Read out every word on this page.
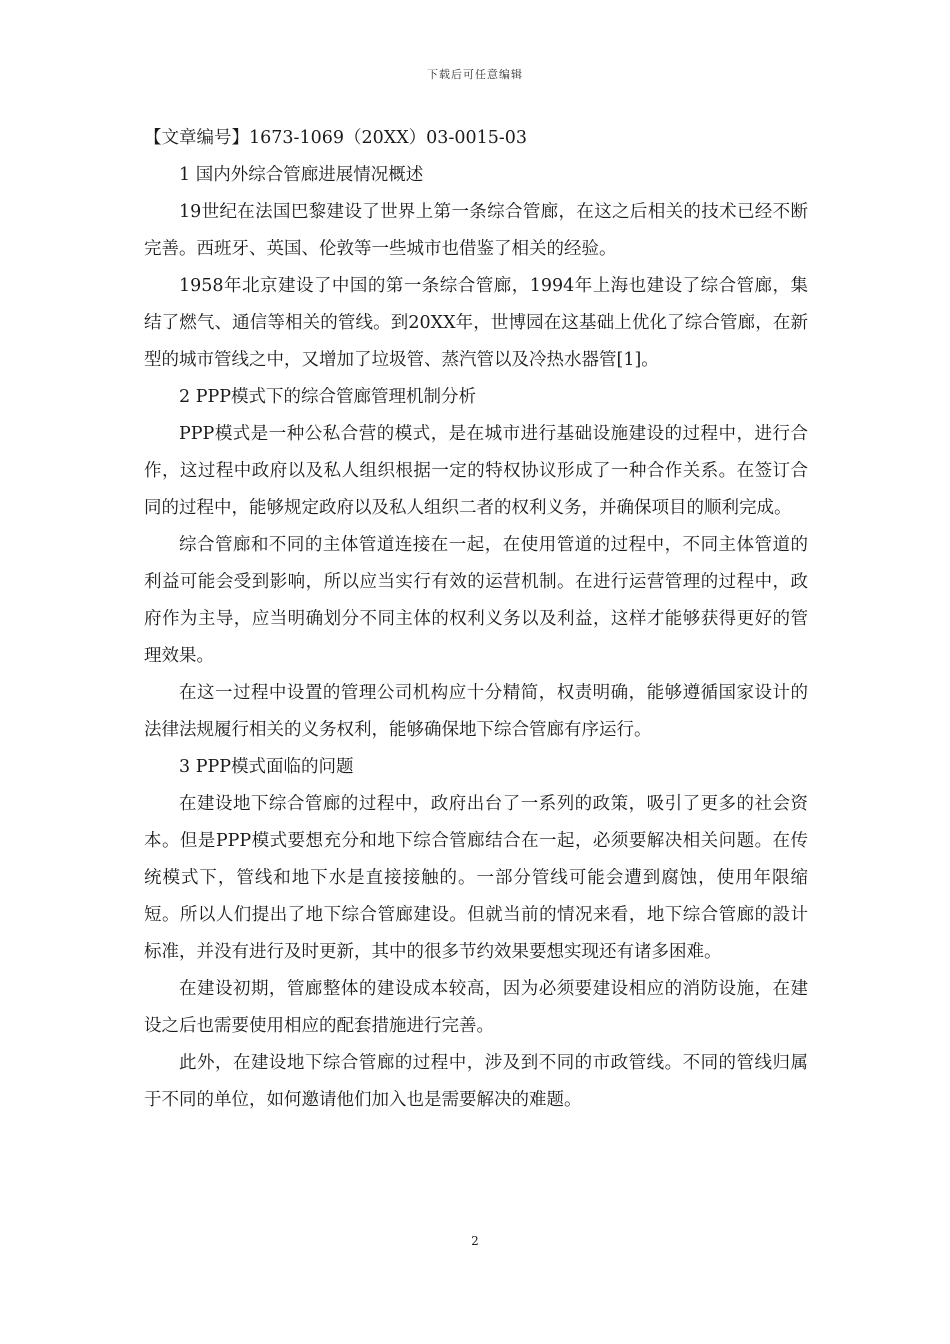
下载后可任意编辑

【文章编号】1673-1069（20XX）03-0015-03

1 国内外综合管廊进展情况概述

19世纪在法国巴黎建设了世界上第一条综合管廊，在这之后相关的技术已经不断完善。西班牙、英国、伦敦等一些城市也借鉴了相关的经验。

1958年北京建设了中国的第一条综合管廊，1994年上海也建设了综合管廊，集结了燃气、通信等相关的管线。到20XX年，世博园在这基础上优化了综合管廊，在新型的城市管线之中，又增加了垃圾管、蒸汽管以及冷热水器管[1]。

2 PPP模式下的综合管廊管理机制分析

PPP模式是一种公私合营的模式，是在城市进行基础设施建设的过程中，进行合作，这过程中政府以及私人组织根据一定的特权协议形成了一种合作关系。在签订合同的过程中，能够规定政府以及私人组织二者的权利义务，并确保项目的顺利完成。

综合管廊和不同的主体管道连接在一起，在使用管道的过程中，不同主体管道的利益可能会受到影响，所以应当实行有效的运营机制。在进行运营管理的过程中，政府作为主导，应当明确划分不同主体的权利义务以及利益，这样才能够获得更好的管理效果。

在这一过程中设置的管理公司机构应十分精简，权责明确，能够遵循国家设计的法律法规履行相关的义务权利，能够确保地下综合管廊有序运行。

3 PPP模式面临的问题

在建设地下综合管廊的过程中，政府出台了一系列的政策，吸引了更多的社会资本。但是PPP模式要想充分和地下综合管廊结合在一起，必须要解决相关问题。在传统模式下，管线和地下水是直接接触的。一部分管线可能会遭到腐蚀，使用年限缩短。所以人们提出了地下综合管廊建设。但就当前的情况来看，地下综合管廊的設计标准，并没有进行及时更新，其中的很多节约效果要想实现还有诸多困难。

在建设初期，管廊整体的建设成本较高，因为必须要建设相应的消防设施，在建设之后也需要使用相应的配套措施进行完善。

此外，在建设地下综合管廊的过程中，涉及到不同的市政管线。不同的管线归属于不同的单位，如何邀请他们加入也是需要解决的难题。

2
